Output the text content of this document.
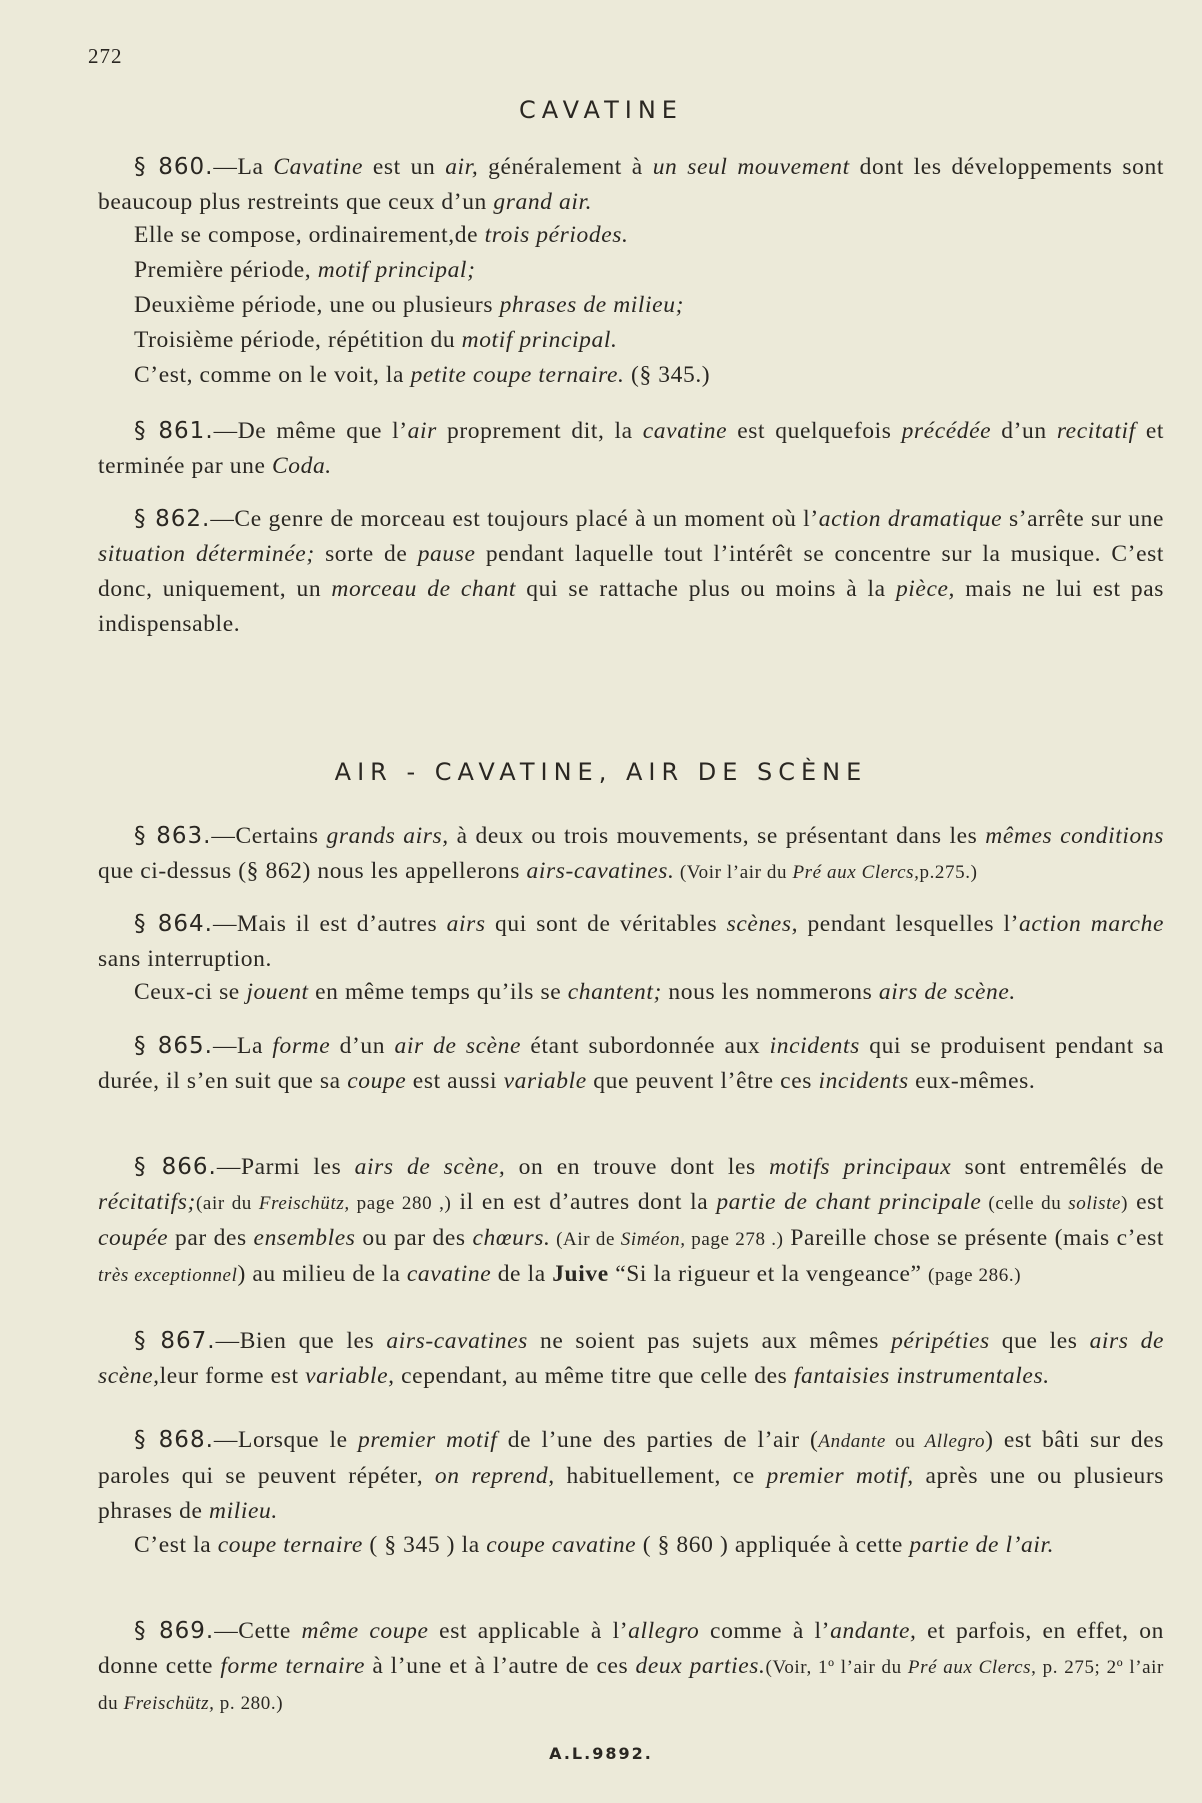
272
CAVATINE
§ 860.—La Cavatine est un air, généralement à un seul mouvement dont les développements sont beaucoup plus restreints que ceux d’un grand air.
Elle se compose, ordinairement,de trois périodes.
Première période, motif principal;
Deuxième période, une ou plusieurs phrases de milieu;
Troisième période, répétition du motif principal.
C’est, comme on le voit, la petite coupe ternaire. (§ 345.)
§ 861.—De même que l’air proprement dit, la cavatine est quelquefois précédée d’un recitatif et terminée par une Coda.
§ 862.—Ce genre de morceau est toujours placé à un moment où l’action dramatique s’arrête sur une situation déterminée; sorte de pause pendant laquelle tout l’intérêt se concentre sur la musique. C’est donc, uniquement, un morceau de chant qui se rattache plus ou moins à la pièce, mais ne lui est pas indispensable.
AIR - CAVATINE, AIR DE SCÈNE
§ 863.—Certains grands airs, à deux ou trois mouvements, se présentant dans les mêmes conditions que ci-dessus (§ 862) nous les appellerons airs-cavatines. (Voir l’air du Pré aux Clercs,p.275.)
§ 864.—Mais il est d’autres airs qui sont de véritables scènes, pendant lesquelles l’action marche sans interruption.
Ceux-ci se jouent en même temps qu’ils se chantent; nous les nommerons airs de scène.
§ 865.—La forme d’un air de scène étant subordonnée aux incidents qui se produisent pendant sa durée, il s’en suit que sa coupe est aussi variable que peuvent l’être ces incidents eux-mêmes.
§ 866.—Parmi les airs de scène, on en trouve dont les motifs principaux sont entremêlés de récitatifs;(air du Freischütz, page 280 ,) il en est d’autres dont la partie de chant principale (celle du soliste) est coupée par des ensembles ou par des chœurs. (Air de Siméon, page 278 .) Pareille chose se présente (mais c’est très exceptionnel) au milieu de la cavatine de la Juive “Si la rigueur et la vengeance” (page 286.)
§ 867.—Bien que les airs-cavatines ne soient pas sujets aux mêmes péripéties que les airs de scène,leur forme est variable, cependant, au même titre que celle des fantaisies instrumentales.
§ 868.—Lorsque le premier motif de l’une des parties de l’air (Andante ou Allegro) est bâti sur des paroles qui se peuvent répéter, on reprend, habituellement, ce premier motif, après une ou plusieurs phrases de milieu.
C’est la coupe ternaire ( § 345 ) la coupe cavatine ( § 860 ) appliquée à cette partie de l’air.
§ 869.—Cette même coupe est applicable à l’allegro comme à l’andante, et parfois, en effet, on donne cette forme ternaire à l’une et à l’autre de ces deux parties.(Voir, 1º l’air du Pré aux Clercs, p. 275; 2º l’air du Freischütz, p. 280.)
A.L.9892.
